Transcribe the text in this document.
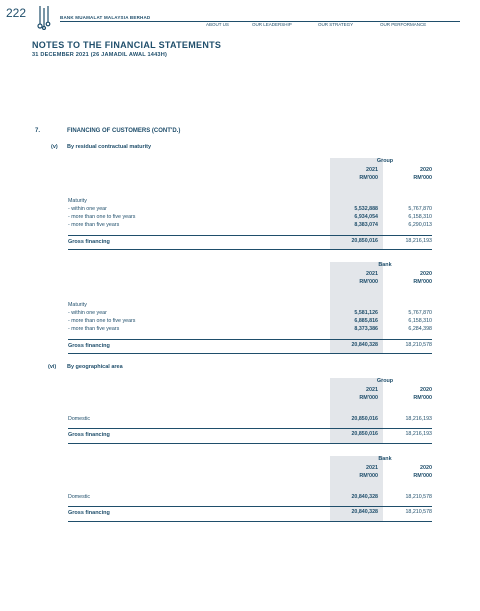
222	BANK MUAMALAT MALAYSIA BERHAD
ABOUT US	OUR LEADERSHIP	OUR STRATEGY	OUR PERFORMANCE
NOTES TO THE FINANCIAL STATEMENTS
31 DECEMBER 2021 (26 JAMADIL AWAL 1443H)
7.	FINANCING OF CUSTOMERS (CONT'D.)
(v) By residual contractual maturity
Group
2021	2020
RM'000	RM'000
Maturity
- within one year	5,532,888	5,767,870
- more than one to five years	6,934,054	6,158,310
- more than five years	8,383,074	6,290,013
Gross financing	20,850,016	18,216,193
Bank
2021	2020
RM'000	RM'000
Maturity
- within one year	5,581,126	5,767,870
- more than one to five years	6,885,816	6,158,310
- more than five years	8,373,386	6,284,398
Gross financing	20,840,328	18,210,578
(vi) By geographical area
Group
2021	2020
RM'000	RM'000
Domestic	20,850,016	18,216,193
Gross financing	20,850,016	18,216,193
Bank
2021	2020
RM'000	RM'000
Domestic	20,840,328	18,210,578
Gross financing	20,840,328	18,210,578
